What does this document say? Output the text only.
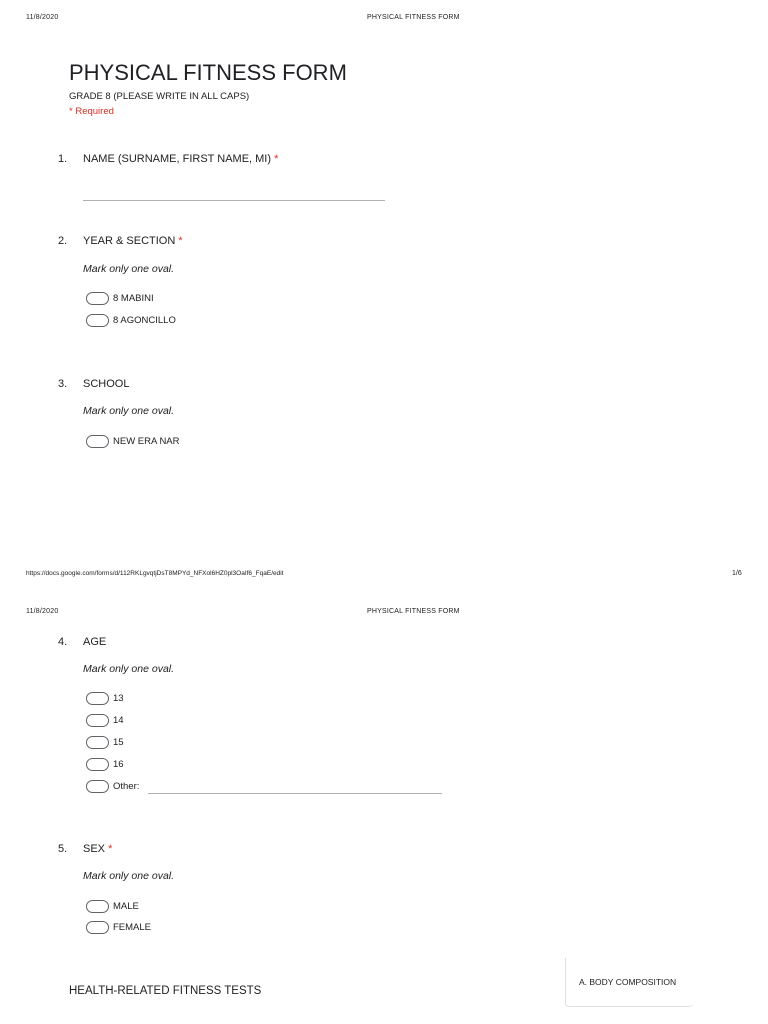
11/8/2020	PHYSICAL FITNESS FORM
PHYSICAL FITNESS FORM
GRADE 8 (PLEASE WRITE IN ALL CAPS)
* Required
1. NAME (SURNAME, FIRST NAME, MI) *
2. YEAR & SECTION *
Mark only one oval.
8 MABINI
8 AGONCILLO
3. SCHOOL
Mark only one oval.
NEW ERA NAR
https://docs.google.com/forms/d/112RKLgvqtjDsT8MPYd_NFXol6HZ0pl3OaIf6_FqaE/edit	1/6
11/8/2020	PHYSICAL FITNESS FORM
4. AGE
Mark only one oval.
13
14
15
16
Other:
5. SEX *
Mark only one oval.
MALE
FEMALE
HEALTH-RELATED FITNESS TESTS
A. BODY COMPOSITION
